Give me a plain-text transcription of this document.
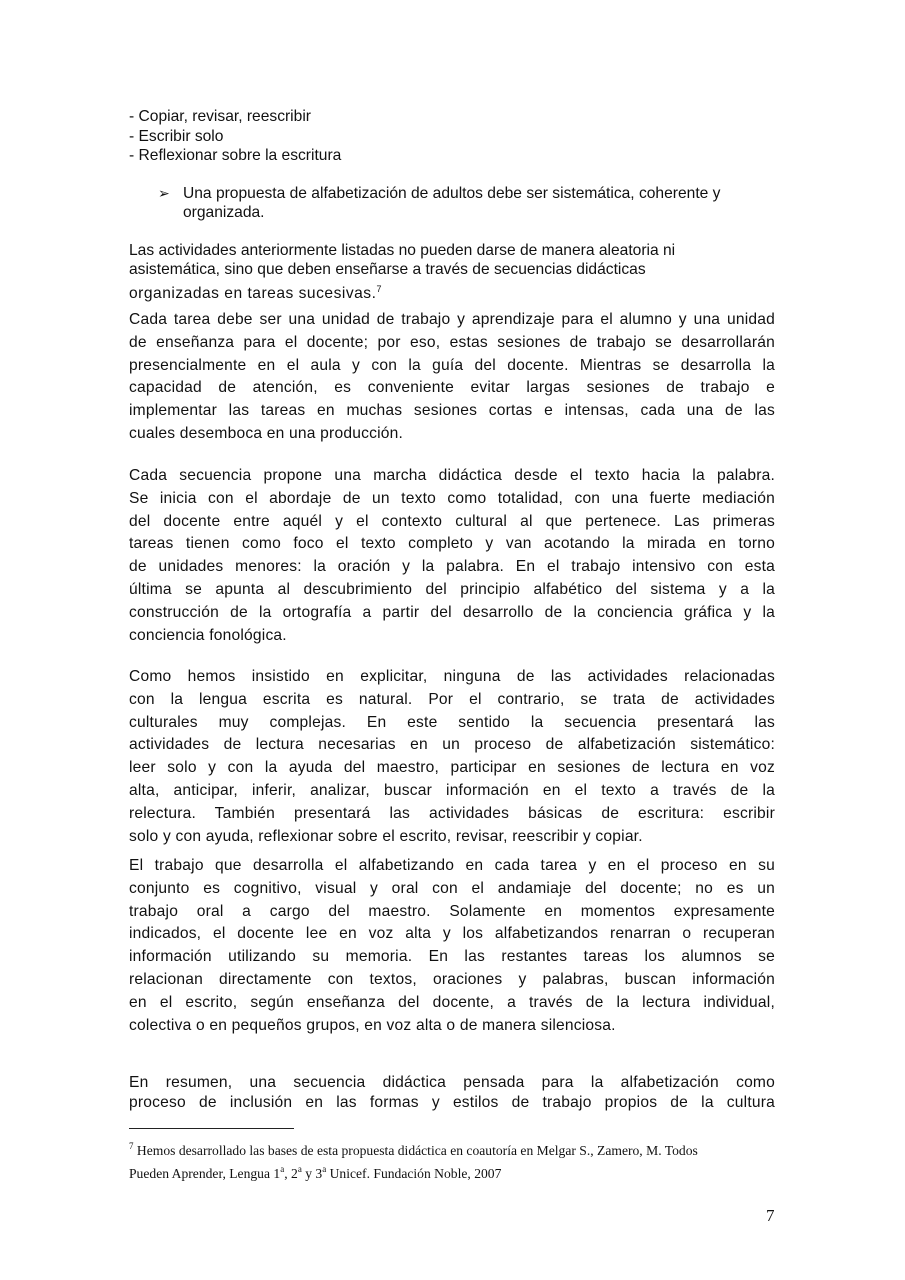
- Copiar, revisar, reescribir
- Escribir solo
- Reflexionar sobre la escritura
➢ Una propuesta de alfabetización de adultos debe ser sistemática, coherente y
organizada.
Las actividades anteriormente listadas no pueden darse de manera aleatoria ni
asistemática, sino que deben enseñarse a través de secuencias didácticas
organizadas en tareas sucesivas.$^7$
Cada tarea debe ser una unidad de trabajo y aprendizaje para el alumno y una unidad
de enseñanza para el docente; por eso, estas sesiones de trabajo se desarrollarán
presencialmente en el aula y con la guía del docente. Mientras se desarrolla la
capacidad de atención, es conveniente evitar largas sesiones de trabajo e
implementar las tareas en muchas sesiones cortas e intensas, cada una de las
cuales desemboca en una producción.
Cada secuencia propone una marcha didáctica desde el texto hacia la palabra.
Se inicia con el abordaje de un texto como totalidad, con una fuerte mediación
del docente entre aquél y el contexto cultural al que pertenece. Las primeras
tareas tienen como foco el texto completo y van acotando la mirada en torno
de unidades menores: la oración y la palabra. En el trabajo intensivo con esta
última se apunta al descubrimiento del principio alfabético del sistema y a la
construcción de la ortografía a partir del desarrollo de la conciencia gráfica y la
conciencia fonológica.
Como hemos insistido en explicitar, ninguna de las actividades relacionadas
con la lengua escrita es natural. Por el contrario, se trata de actividades
culturales muy complejas. En este sentido la secuencia presentará las
actividades de lectura necesarias en un proceso de alfabetización sistemático:
leer solo y con la ayuda del maestro, participar en sesiones de lectura en voz
alta, anticipar, inferir, analizar, buscar información en el texto a través de la
relectura. También presentará las actividades básicas de escritura: escribir
solo y con ayuda, reflexionar sobre el escrito, revisar, reescribir y copiar.
El trabajo que desarrolla el alfabetizando en cada tarea y en el proceso en su
conjunto es cognitivo, visual y oral con el andamiaje del docente; no es un
trabajo oral a cargo del maestro. Solamente en momentos expresamente
indicados, el docente lee en voz alta y los alfabetizandos renarran o recuperan
información utilizando su memoria. En las restantes tareas los alumnos se
relacionan directamente con textos, oraciones y palabras, buscan información
en el escrito, según enseñanza del docente, a través de la lectura individual,
colectiva o en pequeños grupos, en voz alta o de manera silenciosa.
En resumen, una secuencia didáctica pensada para la alfabetización como
proceso de inclusión en las formas y estilos de trabajo propios de la cultura
$^7$ Hemos desarrollado las bases de esta propuesta didáctica en coautoría en Melgar S., Zamero, M. Todos
Pueden Aprender, Lengua 1$^a$, 2$^a$ y 3$^a$ Unicef. Fundación Noble, 2007
7
